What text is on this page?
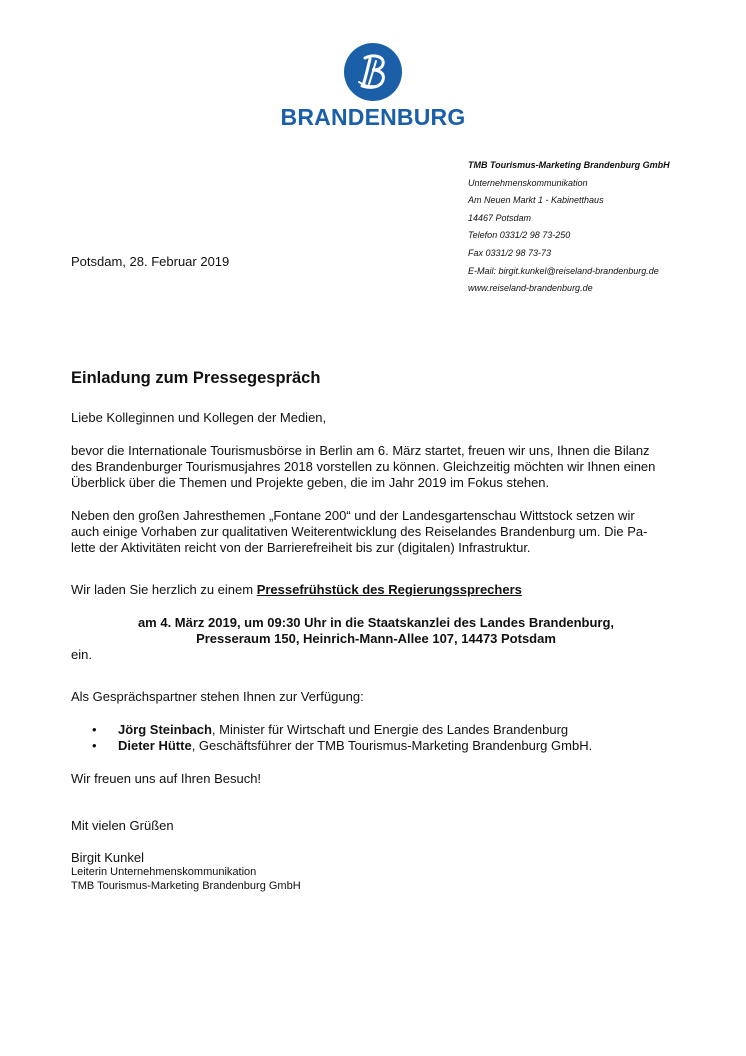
BRANDENBURG
TMB Tourismus-Marketing Brandenburg GmbH
Unternehmenskommunikation
Am Neuen Markt 1 - Kabinetthaus
14467 Potsdam
Telefon 0331/2 98 73-250
Fax 0331/2 98 73-73
E-Mail: birgit.kunkel@reiseland-brandenburg.de
www.reiseland-brandenburg.de
Potsdam, 28. Februar 2019
Einladung zum Pressegespräch

Liebe Kolleginnen und Kollegen der Medien,

bevor die Internationale Tourismusbörse in Berlin am 6. März startet, freuen wir uns, Ihnen die Bilanz

des Brandenburger Tourismusjahres 2018 vorstellen zu können. Gleichzeitig möchten wir Ihnen einen

Überblick über die Themen und Projekte geben, die im Jahr 2019 im Fokus stehen.

Neben den großen Jahresthemen „Fontane 200“ und der Landesgartenschau Wittstock setzen wir

auch einige Vorhaben zur qualitativen Weiterentwicklung des Reiselandes Brandenburg um. Die Pa-

lette der Aktivitäten reicht von der Barrierefreiheit bis zur (digitalen) Infrastruktur.

Wir laden Sie herzlich zu einem Pressefrühstück des Regierungssprechers

am 4. März 2019, um 09:30 Uhr in die Staatskanzlei des Landes Brandenburg,

Presseraum 150, Heinrich-Mann-Allee 107, 14473 Potsdam

ein.

Als Gesprächspartner stehen Ihnen zur Verfügung:

• Jörg Steinbach, Minister für Wirtschaft und Energie des Landes Brandenburg
• Dieter Hütte, Geschäftsführer der TMB Tourismus-Marketing Brandenburg GmbH.

Wir freuen uns auf Ihren Besuch!

Mit vielen Grüßen

Birgit Kunkel

Leiterin Unternehmenskommunikation

TMB Tourismus-Marketing Brandenburg GmbH
